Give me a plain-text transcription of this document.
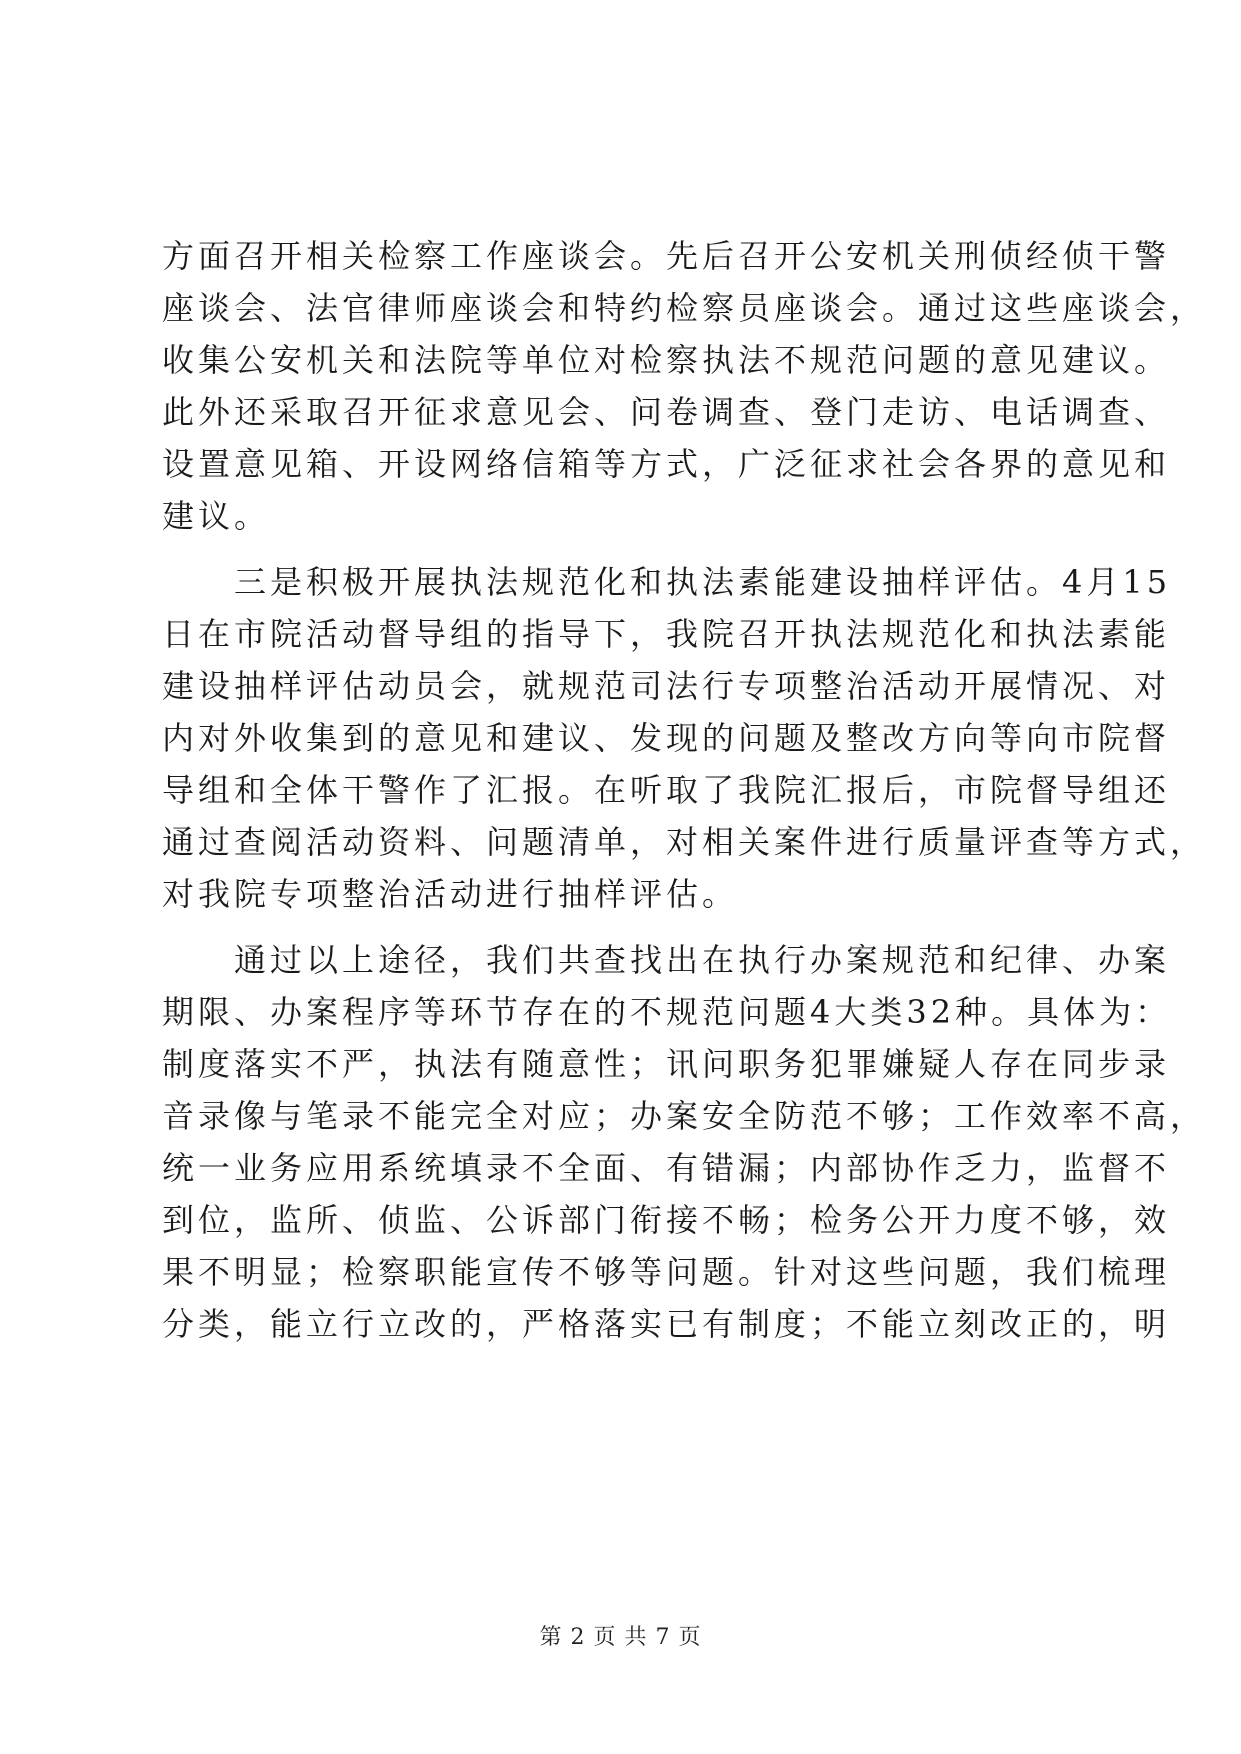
方面召开相关检察工作座谈会。先后召开公安机关刑侦经侦干警
座谈会、法官律师座谈会和特约检察员座谈会。通过这些座谈会，
收集公安机关和法院等单位对检察执法不规范问题的意见建议。
此外还采取召开征求意见会、问卷调查、登门走访、电话调查、
设置意见箱、开设网络信箱等方式，广泛征求社会各界的意见和
建议。
三是积极开展执法规范化和执法素能建设抽样评估。4月15
日在市院活动督导组的指导下，我院召开执法规范化和执法素能
建设抽样评估动员会，就规范司法行专项整治活动开展情况、对
内对外收集到的意见和建议、发现的问题及整改方向等向市院督
导组和全体干警作了汇报。在听取了我院汇报后，市院督导组还
通过查阅活动资料、问题清单，对相关案件进行质量评查等方式，
对我院专项整治活动进行抽样评估。
通过以上途径，我们共查找出在执行办案规范和纪律、办案
期限、办案程序等环节存在的不规范问题4大类32种。具体为：
制度落实不严，执法有随意性；讯问职务犯罪嫌疑人存在同步录
音录像与笔录不能完全对应；办案安全防范不够；工作效率不高，
统一业务应用系统填录不全面、有错漏；内部协作乏力，监督不
到位，监所、侦监、公诉部门衔接不畅；检务公开力度不够，效
果不明显；检察职能宣传不够等问题。针对这些问题，我们梳理
分类，能立行立改的，严格落实已有制度；不能立刻改正的，明
第 2 页 共 7 页
